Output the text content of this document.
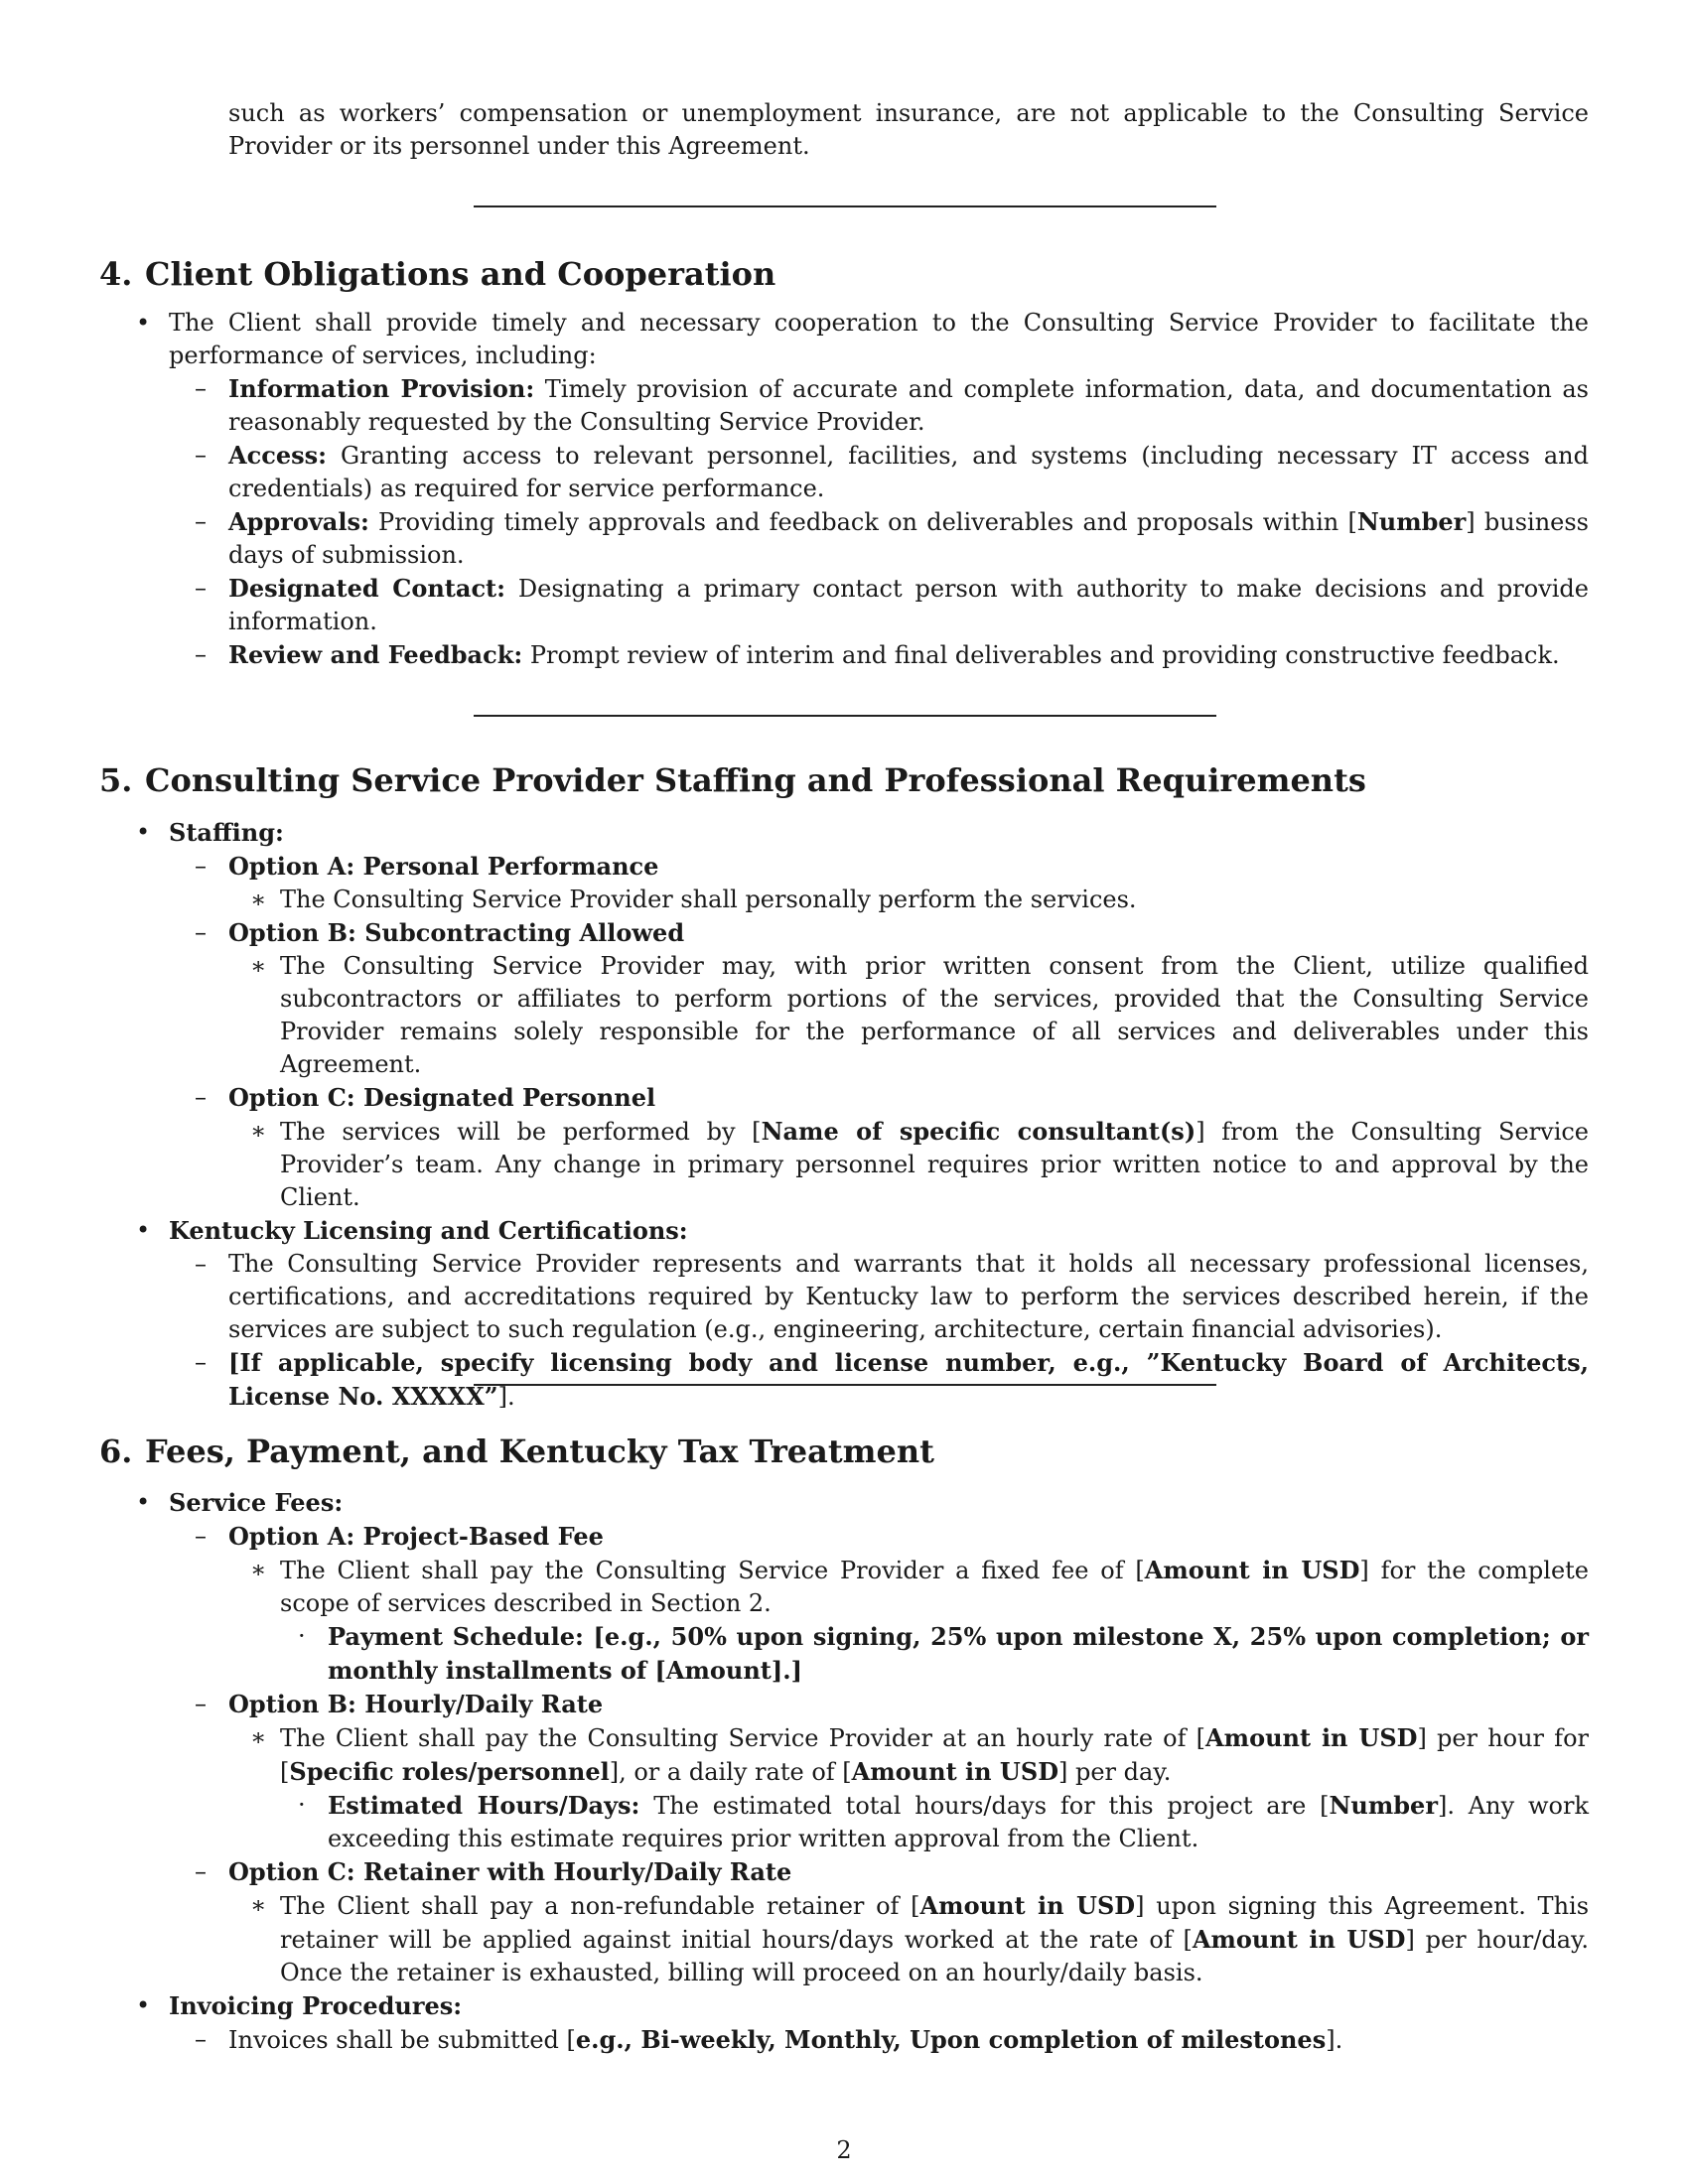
such as workers’ compensation or unemployment insurance, are not applicable to the Consulting Service Provider or its personnel under this Agreement.
4. Client Obligations and Cooperation
• The Client shall provide timely and necessary cooperation to the Consulting Service Provider to facilitate the performance of services, including:
– Information Provision: Timely provision of accurate and complete information, data, and documentation as reasonably requested by the Consulting Service Provider.
– Access: Granting access to relevant personnel, facilities, and systems (including necessary IT access and credentials) as required for service performance.
– Approvals: Providing timely approvals and feedback on deliverables and proposals within [Number] business days of submission.
– Designated Contact: Designating a primary contact person with authority to make decisions and provide information.
– Review and Feedback: Prompt review of interim and final deliverables and providing constructive feedback.
5. Consulting Service Provider Staffing and Professional Requirements
• Staffing:
– Option A: Personal Performance
∗ The Consulting Service Provider shall personally perform the services.
– Option B: Subcontracting Allowed
∗ The Consulting Service Provider may, with prior written consent from the Client, utilize qualified subcontractors or affiliates to perform portions of the services, provided that the Consulting Service Provider remains solely responsible for the performance of all services and deliverables under this Agreement.
– Option C: Designated Personnel
∗ The services will be performed by [Name of specific consultant(s)] from the Consulting Service Provider’s team. Any change in primary personnel requires prior written notice to and approval by the Client.
• Kentucky Licensing and Certifications:
– The Consulting Service Provider represents and warrants that it holds all necessary professional licenses, certifications, and accreditations required by Kentucky law to perform the services described herein, if the services are subject to such regulation (e.g., engineering, architecture, certain financial advisories).
– [If applicable, specify licensing body and license number, e.g., ”Kentucky Board of Architects, License No. XXXXX”].
6. Fees, Payment, and Kentucky Tax Treatment
• Service Fees:
– Option A: Project-Based Fee
∗ The Client shall pay the Consulting Service Provider a fixed fee of [Amount in USD] for the complete scope of services described in Section 2.
· Payment Schedule: [e.g., 50% upon signing, 25% upon milestone X, 25% upon completion; or monthly installments of [Amount].]
– Option B: Hourly/Daily Rate
∗ The Client shall pay the Consulting Service Provider at an hourly rate of [Amount in USD] per hour for [Specific roles/personnel], or a daily rate of [Amount in USD] per day.
· Estimated Hours/Days: The estimated total hours/days for this project are [Number]. Any work exceeding this estimate requires prior written approval from the Client.
– Option C: Retainer with Hourly/Daily Rate
∗ The Client shall pay a non-refundable retainer of [Amount in USD] upon signing this Agreement. This retainer will be applied against initial hours/days worked at the rate of [Amount in USD] per hour/day. Once the retainer is exhausted, billing will proceed on an hourly/daily basis.
• Invoicing Procedures:
– Invoices shall be submitted [e.g., Bi-weekly, Monthly, Upon completion of milestones].
2
